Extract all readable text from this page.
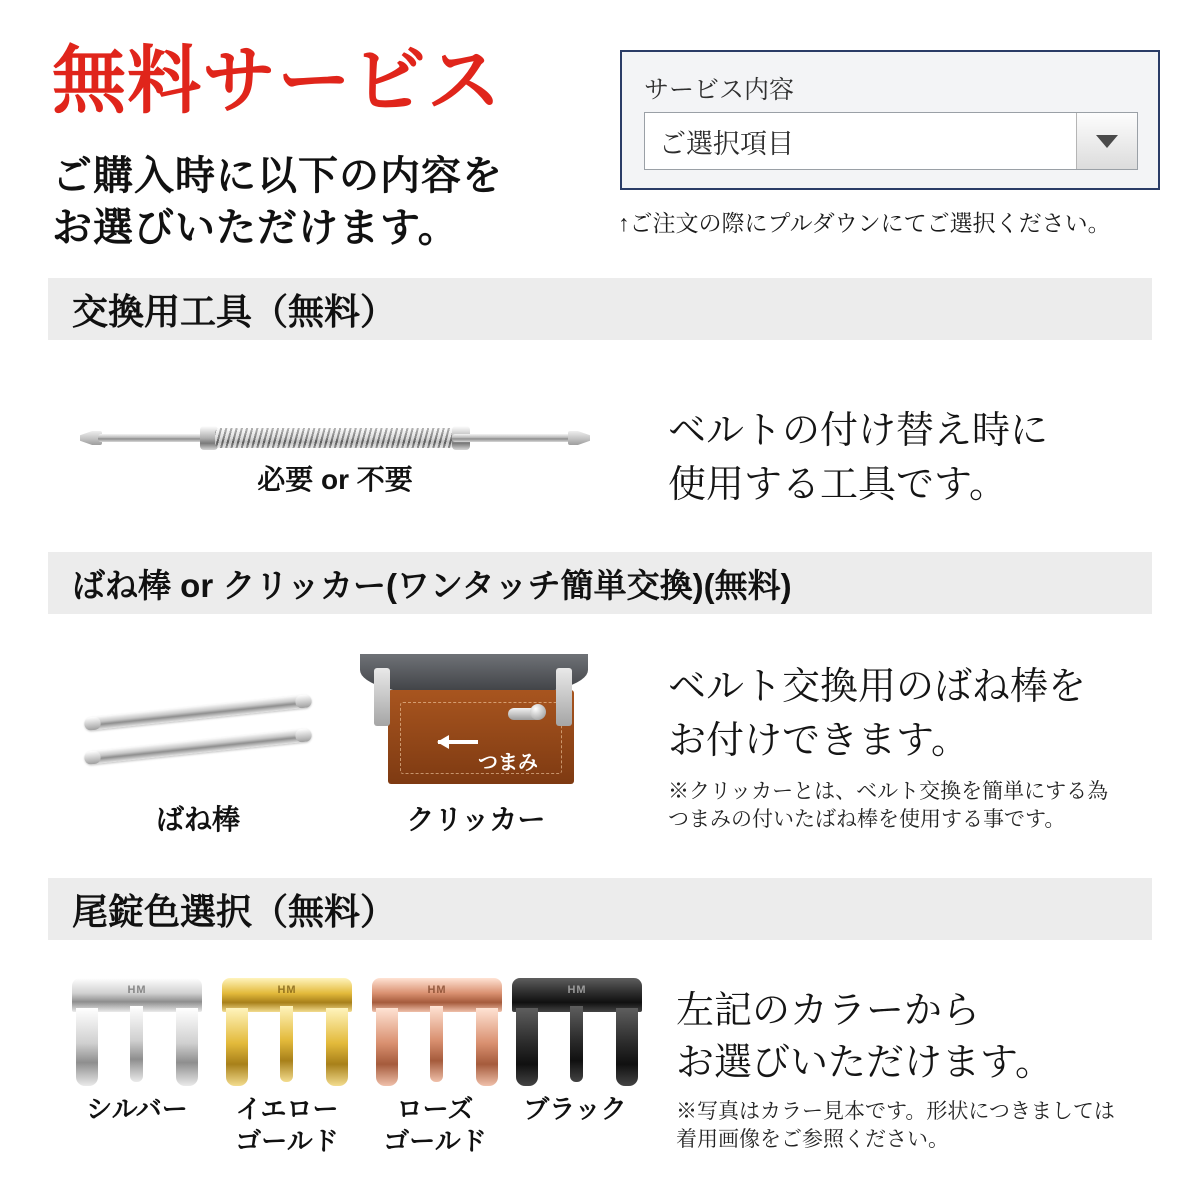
無料サービス
ご購入時に以下の内容を
お選びいただけます。
サービス内容
ご選択項目
↑ご注文の際にプルダウンにてご選択ください。
交換用工具（無料）
必要 or 不要
ベルトの付け替え時に
使用する工具です。
ばね棒 or クリッカー(ワンタッチ簡単交換)(無料)
つまみ
ばね棒	クリッカー
ベルト交換用のばね棒を
お付けできます。
※クリッカーとは、ベルト交換を簡単にする為
つまみの付いたばね棒を使用する事です。
尾錠色選択（無料）
HM	HM	HM	HM
シルバー	イエロー
ゴールド
ローズ
ゴールド
ブラック
左記のカラーから
お選びいただけます。
※写真はカラー見本です。形状につきましては
着用画像をご参照ください。
